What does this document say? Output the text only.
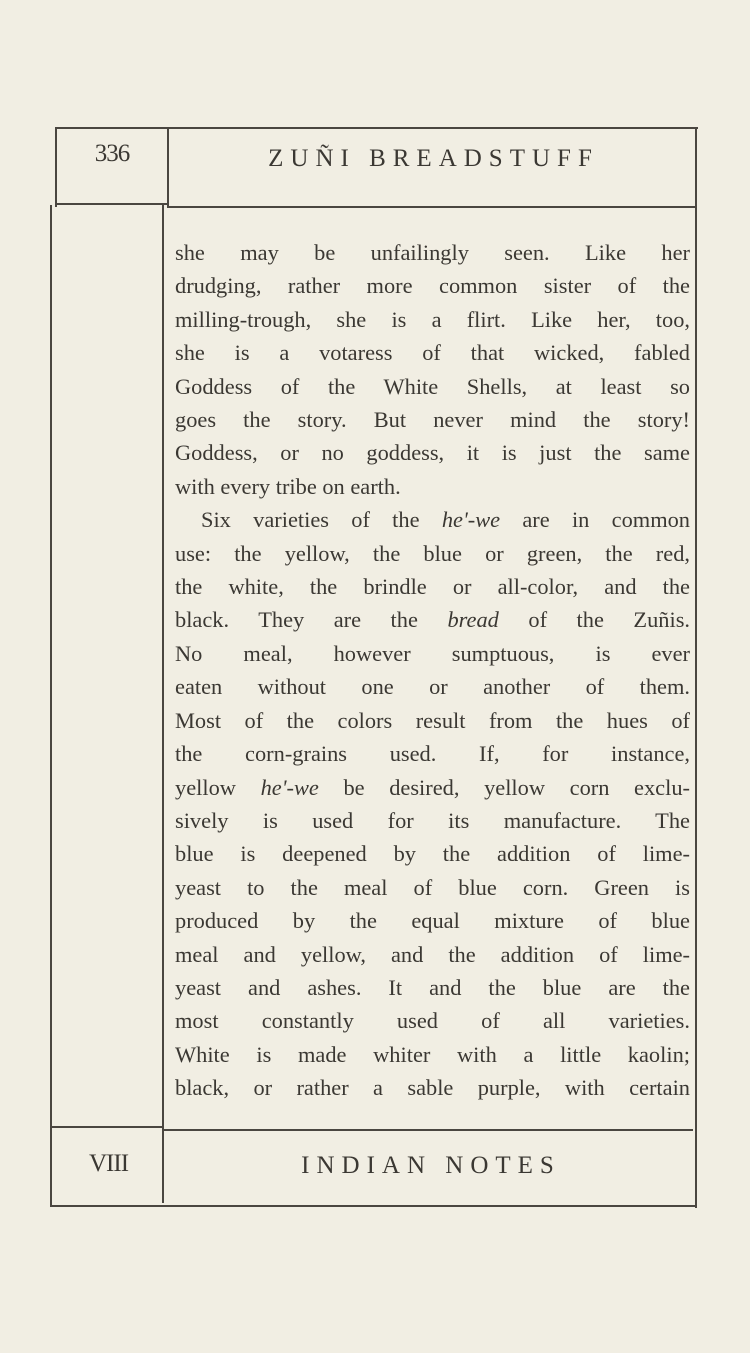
336	ZUÑI BREADSTUFF
she may be unfailingly seen. Like her
drudging, rather more common sister of the
milling-trough, she is a flirt. Like her, too,
she is a votaress of that wicked, fabled
Goddess of the White Shells, at least so
goes the story. But never mind the story!
Goddess, or no goddess, it is just the same
with every tribe on earth.
Six varieties of the he'-we are in common
use: the yellow, the blue or green, the red,
the white, the brindle or all-color, and the
black. They are the bread of the Zuñis.
No meal, however sumptuous, is ever
eaten without one or another of them.
Most of the colors result from the hues of
the corn-grains used. If, for instance,
yellow he'-we be desired, yellow corn exclu-
sively is used for its manufacture. The
blue is deepened by the addition of lime-
yeast to the meal of blue corn. Green is
produced by the equal mixture of blue
meal and yellow, and the addition of lime-
yeast and ashes. It and the blue are the
most constantly used of all varieties.
White is made whiter with a little kaolin;
black, or rather a sable purple, with certain
VIII	INDIAN NOTES
